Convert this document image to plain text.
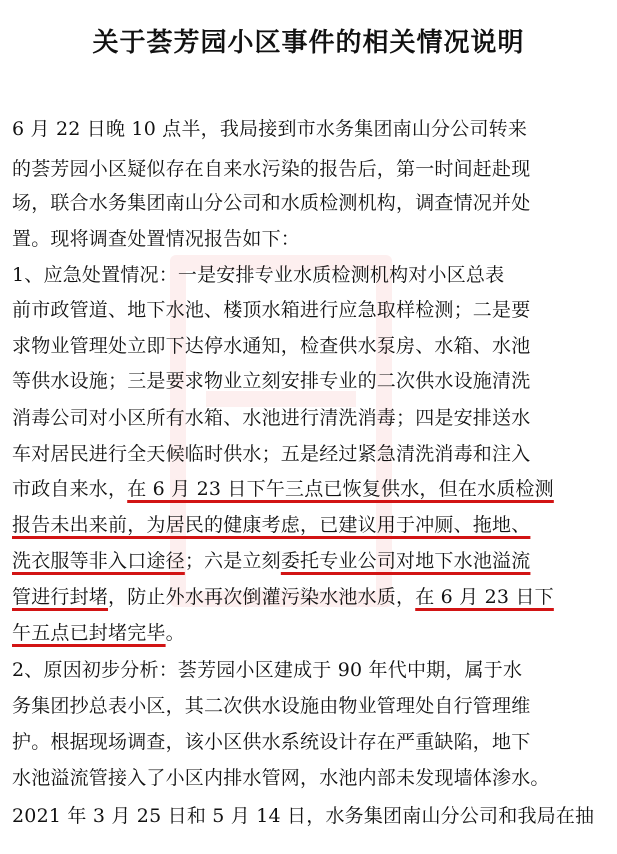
关于荟芳园小区事件的相关情况说明
6 月 22 日晚 10 点半，我局接到市水务集团南山分公司转来
的荟芳园小区疑似存在自来水污染的报告后，第一时间赶赴现
场，联合水务集团南山分公司和水质检测机构，调查情况并处
置。现将调查处置情况报告如下：
1、应急处置情况：一是安排专业水质检测机构对小区总表
前市政管道、地下水池、楼顶水箱进行应急取样检测；二是要
求物业管理处立即下达停水通知，检查供水泵房、水箱、水池
等供水设施；三是要求物业立刻安排专业的二次供水设施清洗
消毒公司对小区所有水箱、水池进行清洗消毒；四是安排送水
车对居民进行全天候临时供水；五是经过紧急清洗消毒和注入
市政自来水，在 6 月 23 日下午三点已恢复供水，但在水质检测
报告未出来前，为居民的健康考虑，已建议用于冲厕、拖地、
洗衣服等非入口途径；六是立刻委托专业公司对地下水池溢流
管进行封堵，防止外水再次倒灌污染水池水质，在 6 月 23 日下
午五点已封堵完毕。
2、原因初步分析：荟芳园小区建成于 90 年代中期，属于水
务集团抄总表小区，其二次供水设施由物业管理处自行管理维
护。根据现场调查，该小区供水系统设计存在严重缺陷，地下
水池溢流管接入了小区内排水管网，水池内部未发现墙体渗水。
2021 年 3 月 25 日和 5 月 14 日，水务集团南山分公司和我局在抽
